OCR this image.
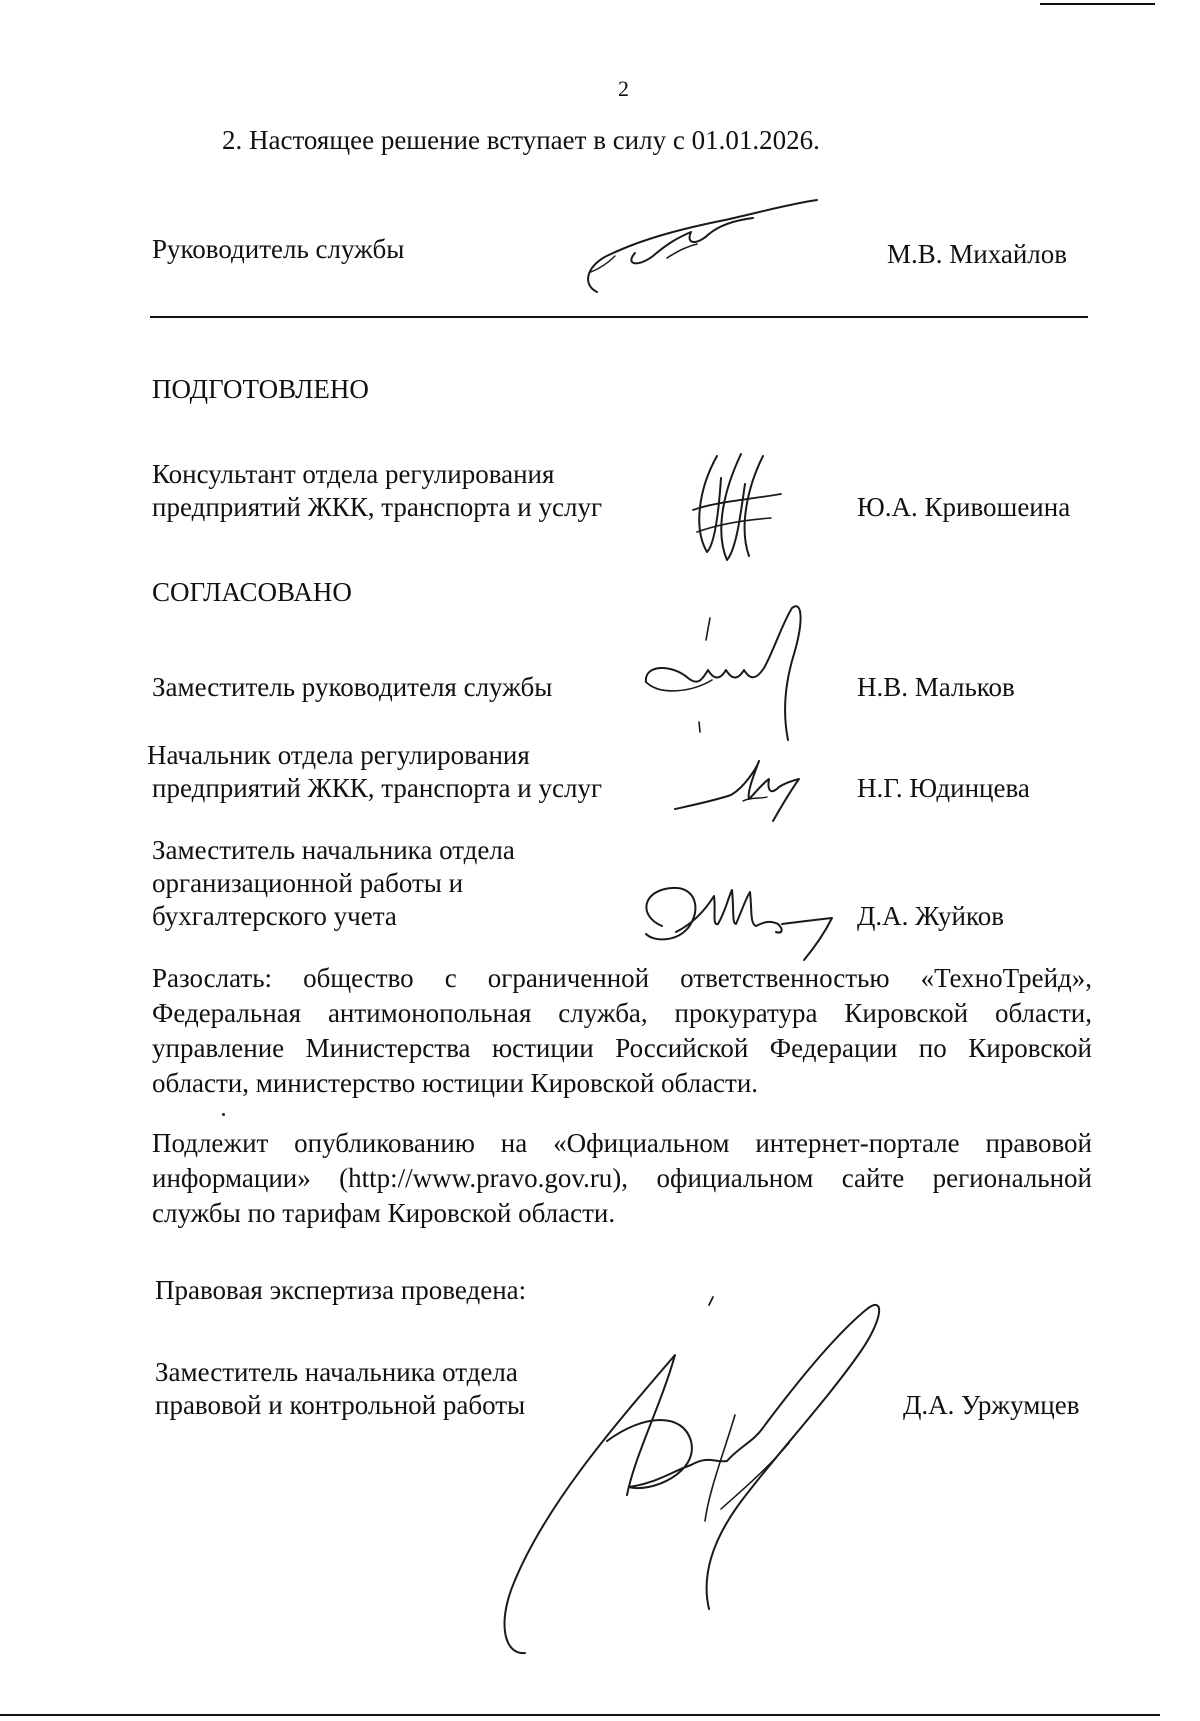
2
2. Настоящее решение вступает в силу с 01.01.2026.
Руководитель службы	М.В. Михайлов
ПОДГОТОВЛЕНО
Консультант отдела регулирования
предприятий ЖКК, транспорта и услуг	Ю.А. Кривошеина
СОГЛАСОВАНО
Заместитель руководителя службы	Н.В. Мальков
Начальник отдела регулирования
предприятий ЖКК, транспорта и услуг	Н.Г. Юдинцева
Заместитель начальника отдела
организационной работы и
бухгалтерского учета	Д.А. Жуйков
Разослать: общество с ограниченной ответственностью «ТехноТрейд», Федеральная антимонопольная служба, прокуратура Кировской области, управление Министерства юстиции Российской Федерации по Кировской области, министерство юстиции Кировской области.
Подлежит опубликованию на «Официальном интернет-портале правовой информации» (http://www.pravo.gov.ru), официальном сайте региональной службы по тарифам Кировской области.
Правовая экспертиза проведена:
Заместитель начальника отдела
правовой и контрольной работы	Д.А. Уржумцев
